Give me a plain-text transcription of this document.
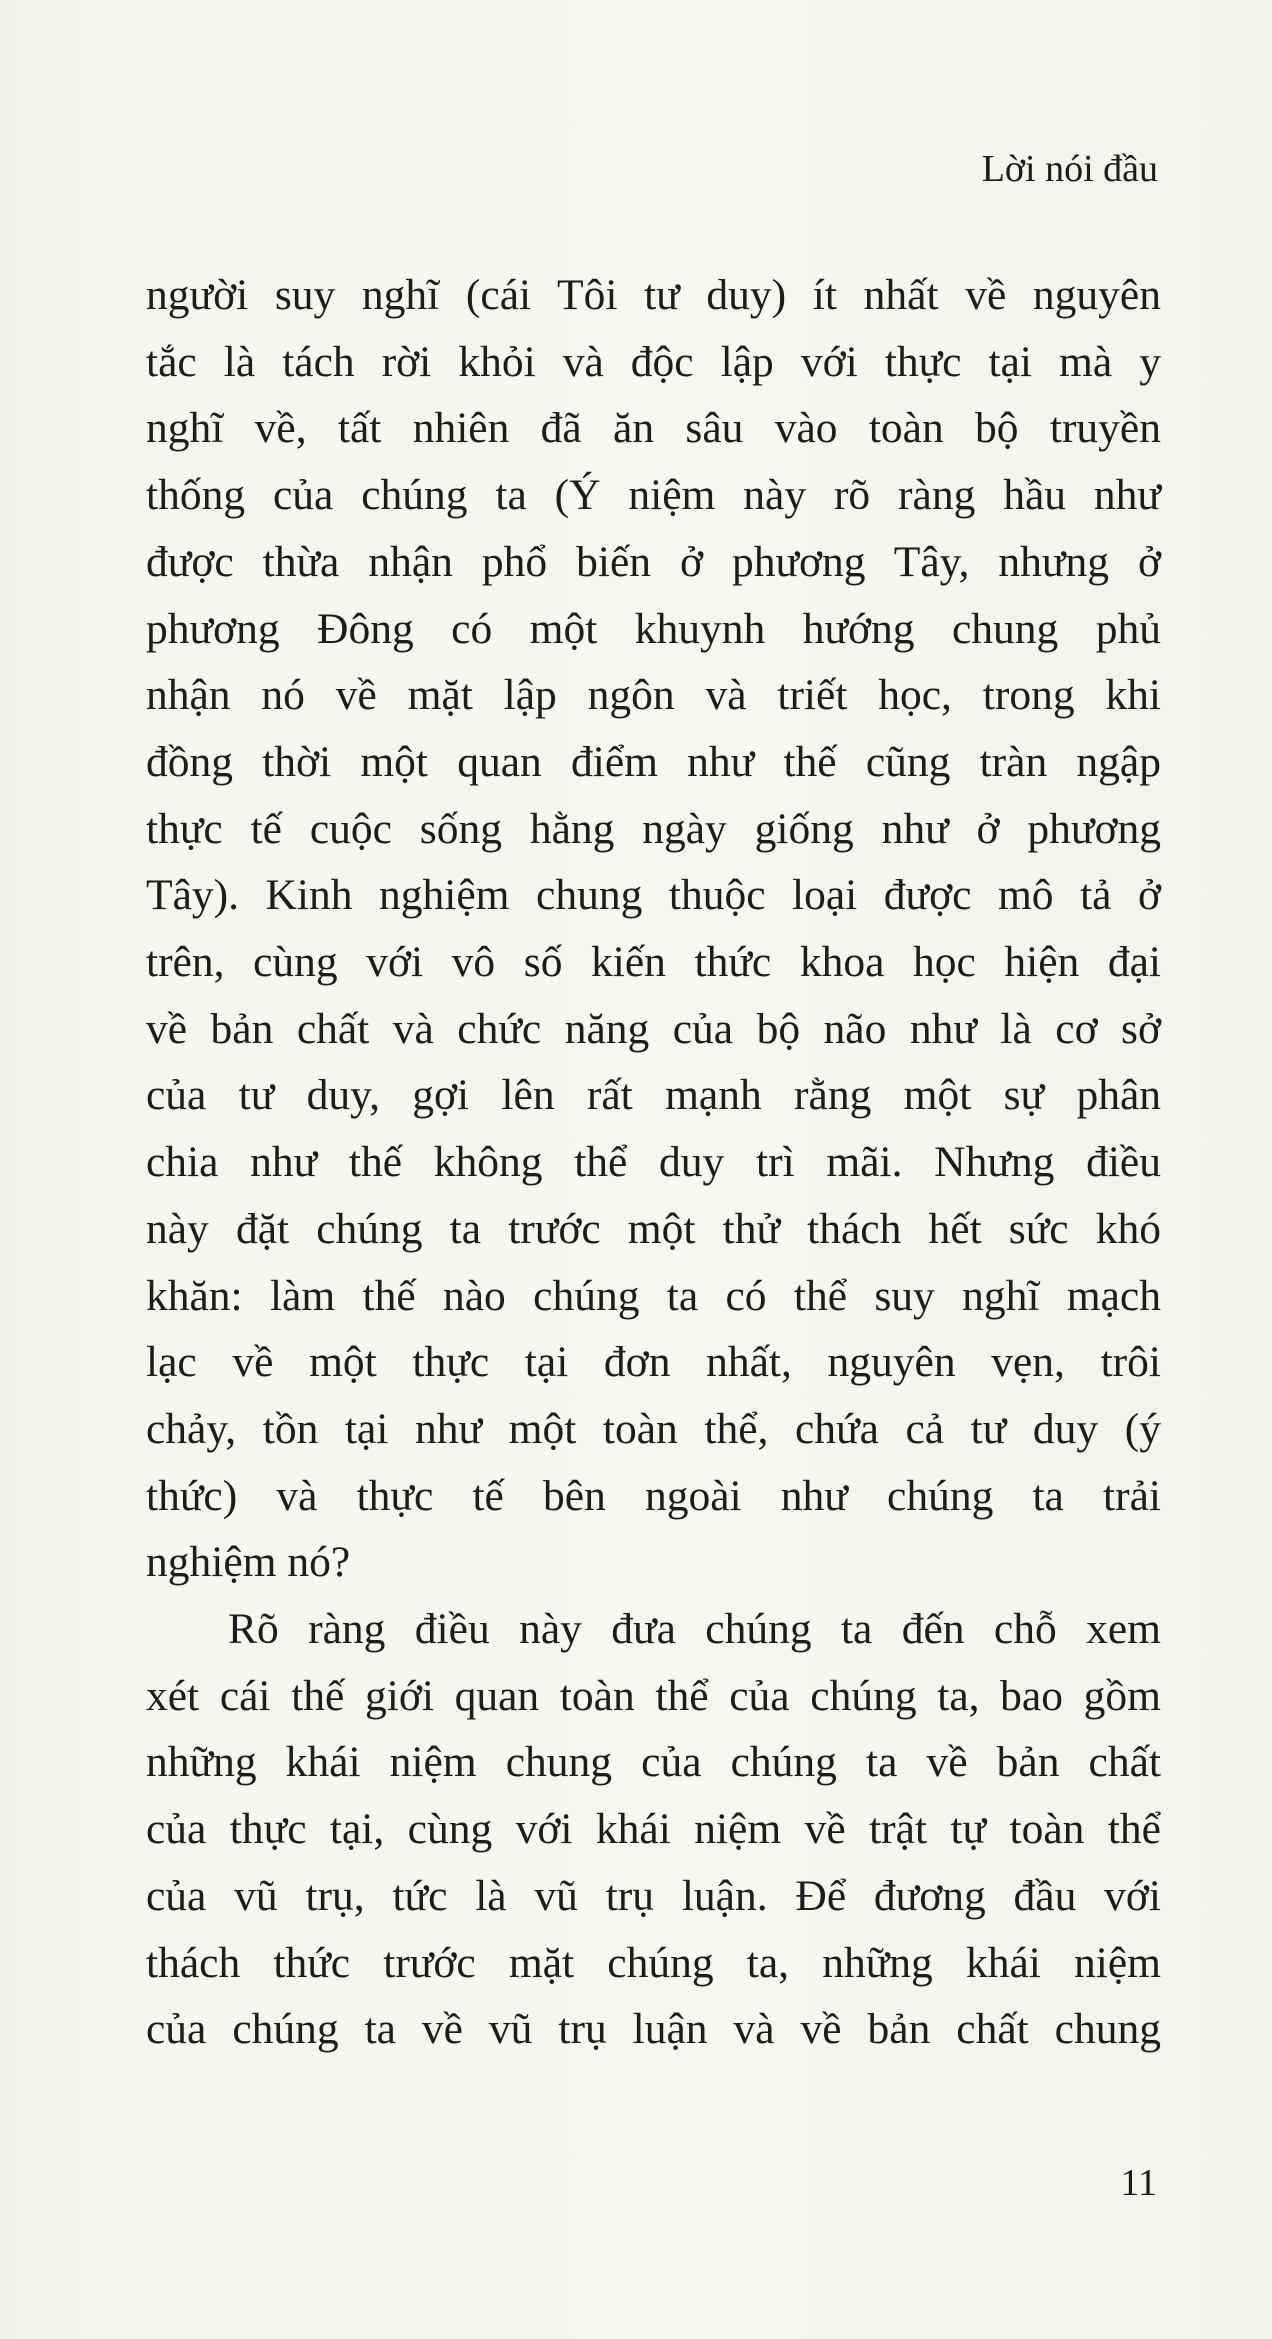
Lời nói đầu

người suy nghĩ (cái Tôi tư duy) ít nhất về nguyên
tắc là tách rời khỏi và độc lập với thực tại mà y
nghĩ về, tất nhiên đã ăn sâu vào toàn bộ truyền
thống của chúng ta (Ý niệm này rõ ràng hầu như
được thừa nhận phổ biến ở phương Tây, nhưng ở
phương Đông có một khuynh hướng chung phủ
nhận nó về mặt lập ngôn và triết học, trong khi
đồng thời một quan điểm như thế cũng tràn ngập
thực tế cuộc sống hằng ngày giống như ở phương
Tây). Kinh nghiệm chung thuộc loại được mô tả ở
trên, cùng với vô số kiến thức khoa học hiện đại
về bản chất và chức năng của bộ não như là cơ sở
của tư duy, gợi lên rất mạnh rằng một sự phân
chia như thế không thể duy trì mãi. Nhưng điều
này đặt chúng ta trước một thử thách hết sức khó
khăn: làm thế nào chúng ta có thể suy nghĩ mạch
lạc về một thực tại đơn nhất, nguyên vẹn, trôi
chảy, tồn tại như một toàn thể, chứa cả tư duy (ý
thức) và thực tế bên ngoài như chúng ta trải
nghiệm nó?

Rõ ràng điều này đưa chúng ta đến chỗ xem
xét cái thế giới quan toàn thể của chúng ta, bao gồm
những khái niệm chung của chúng ta về bản chất
của thực tại, cùng với khái niệm về trật tự toàn thể
của vũ trụ, tức là vũ trụ luận. Để đương đầu với
thách thức trước mặt chúng ta, những khái niệm
của chúng ta về vũ trụ luận và về bản chất chung

11
